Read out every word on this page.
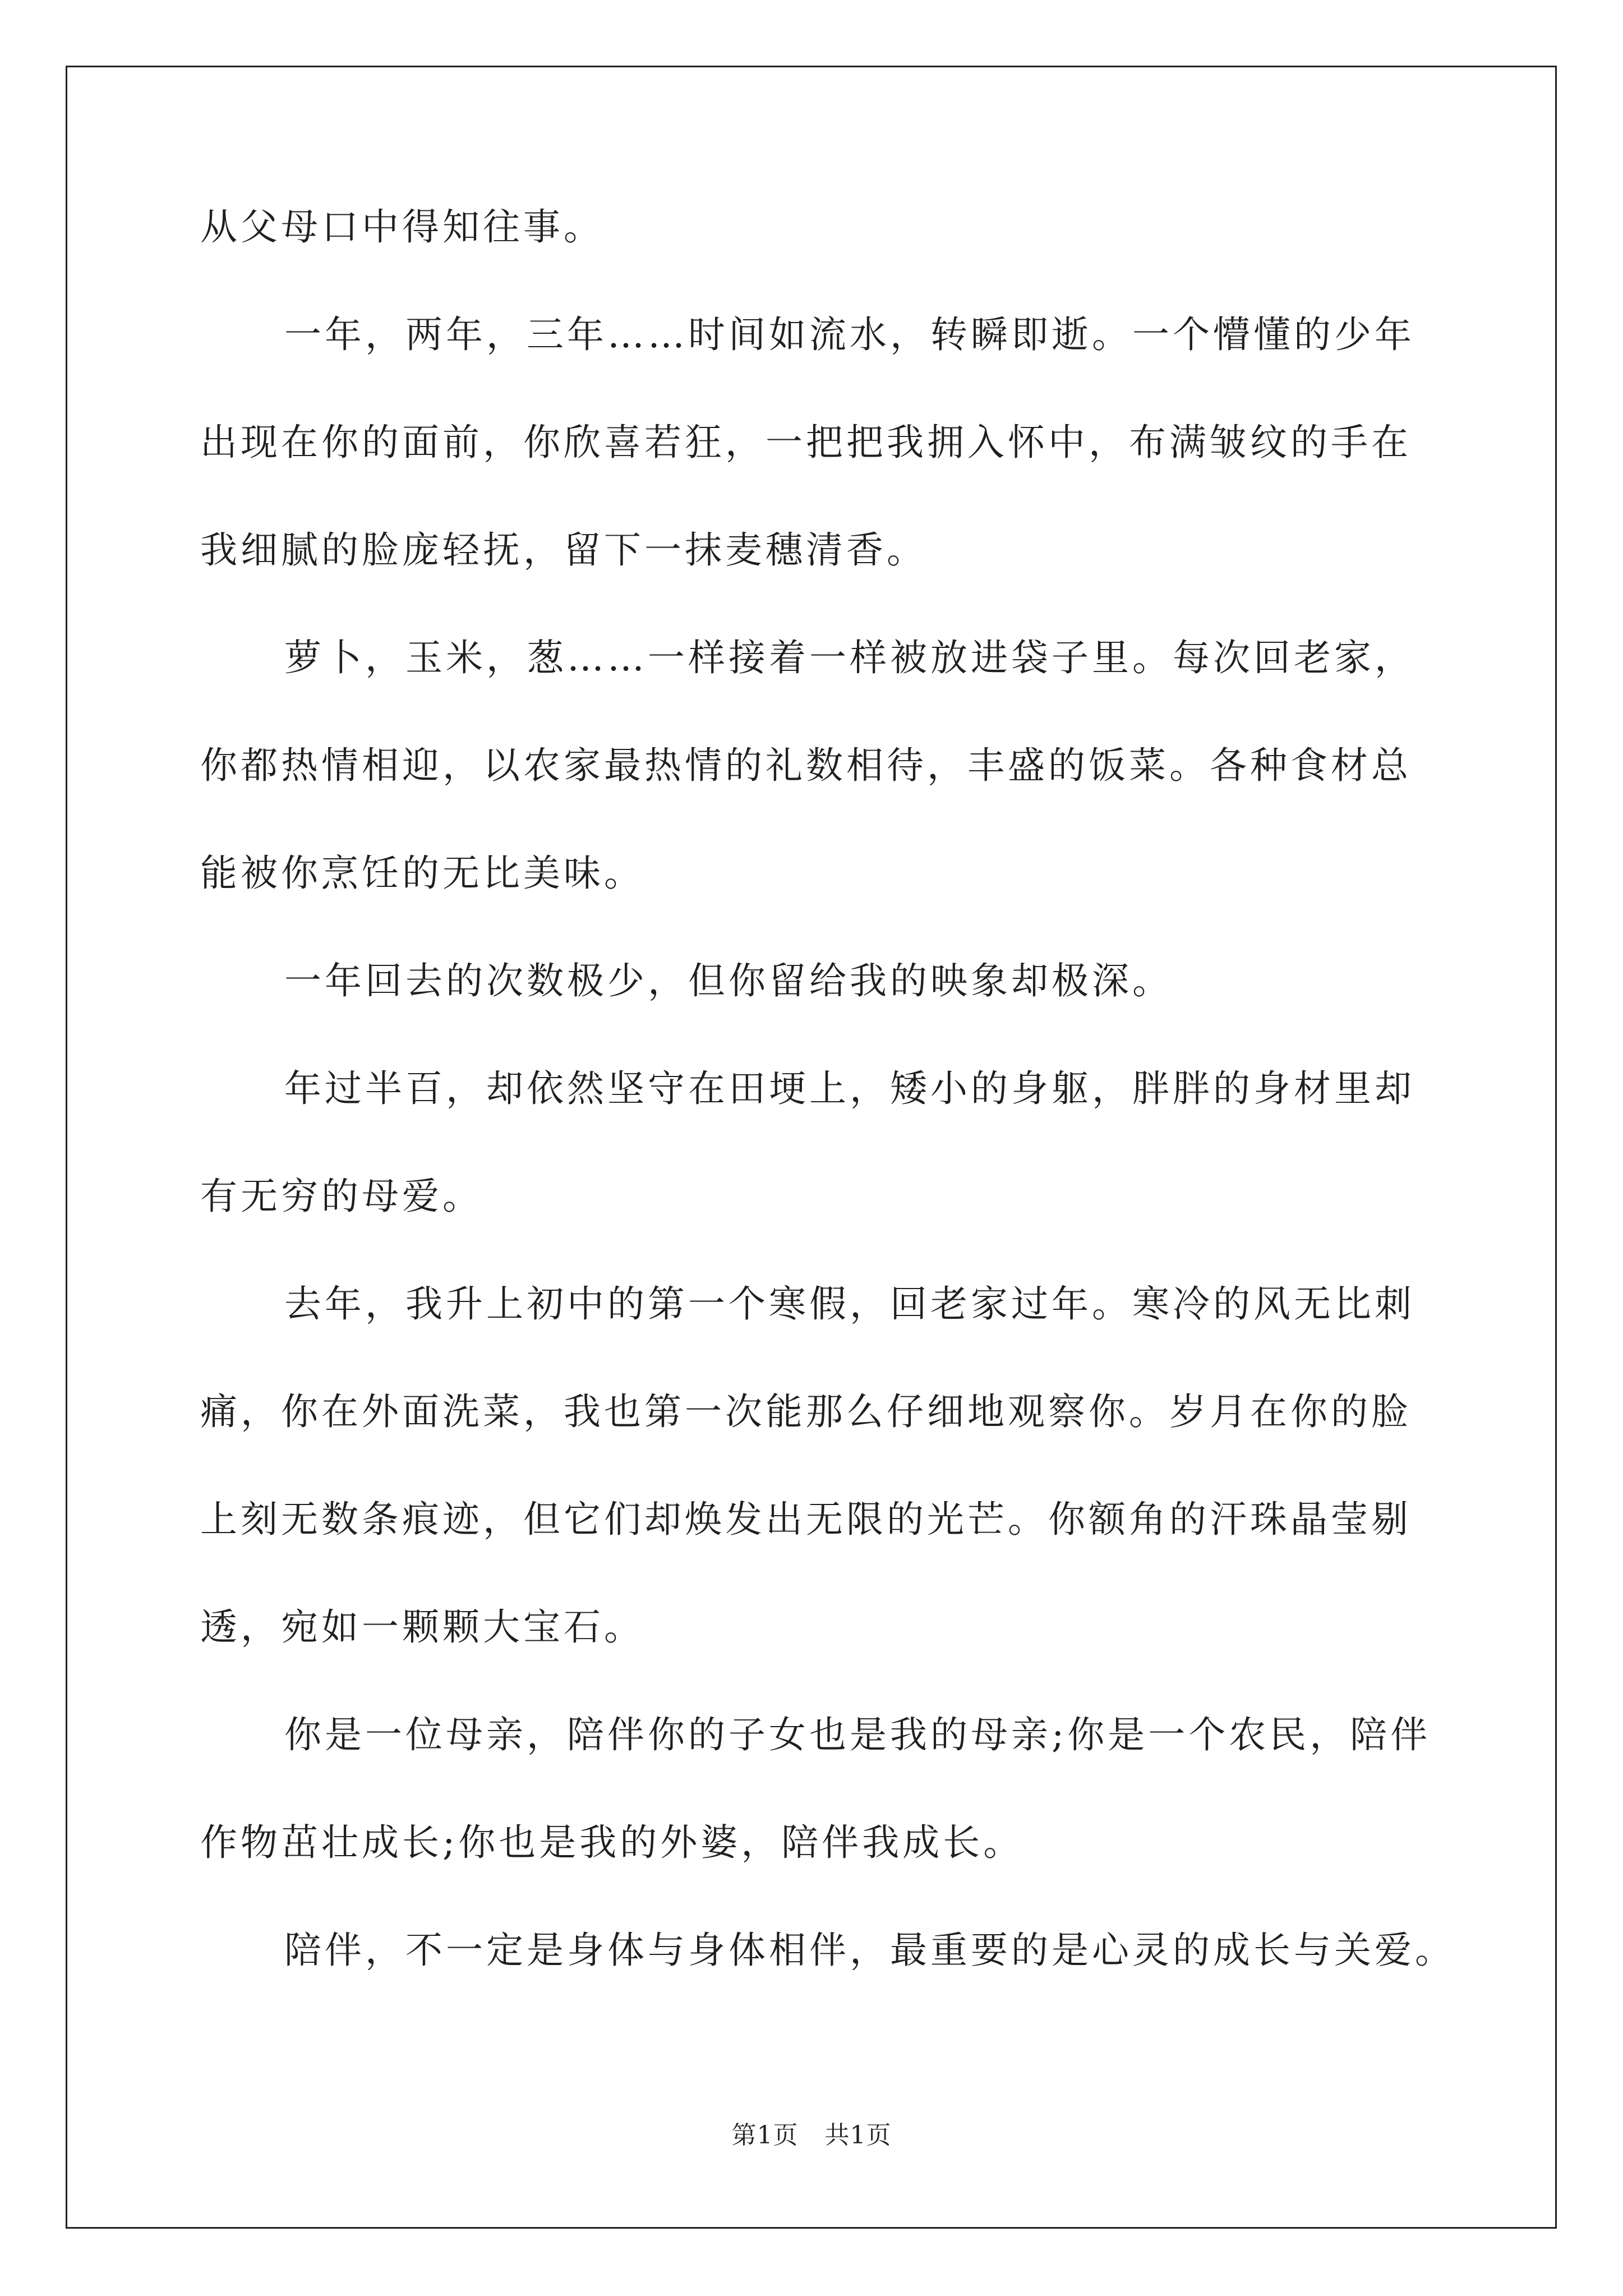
从父母口中得知往事。
一年，两年，三年……时间如流水，转瞬即逝。一个懵懂的少年
出现在你的面前，你欣喜若狂，一把把我拥入怀中，布满皱纹的手在
我细腻的脸庞轻抚，留下一抹麦穗清香。
萝卜，玉米，葱……一样接着一样被放进袋子里。每次回老家，
你都热情相迎，以农家最热情的礼数相待，丰盛的饭菜。各种食材总
能被你烹饪的无比美味。
一年回去的次数极少，但你留给我的映象却极深。
年过半百，却依然坚守在田埂上，矮小的身躯，胖胖的身材里却
有无穷的母爱。
去年，我升上初中的第一个寒假，回老家过年。寒冷的风无比刺
痛，你在外面洗菜，我也第一次能那么仔细地观察你。岁月在你的脸
上刻无数条痕迹，但它们却焕发出无限的光芒。你额角的汗珠晶莹剔
透，宛如一颗颗大宝石。
你是一位母亲，陪伴你的子女也是我的母亲;你是一个农民，陪伴
作物茁壮成长;你也是我的外婆，陪伴我成长。
陪伴，不一定是身体与身体相伴，最重要的是心灵的成长与关爱。
第1页 共1页
